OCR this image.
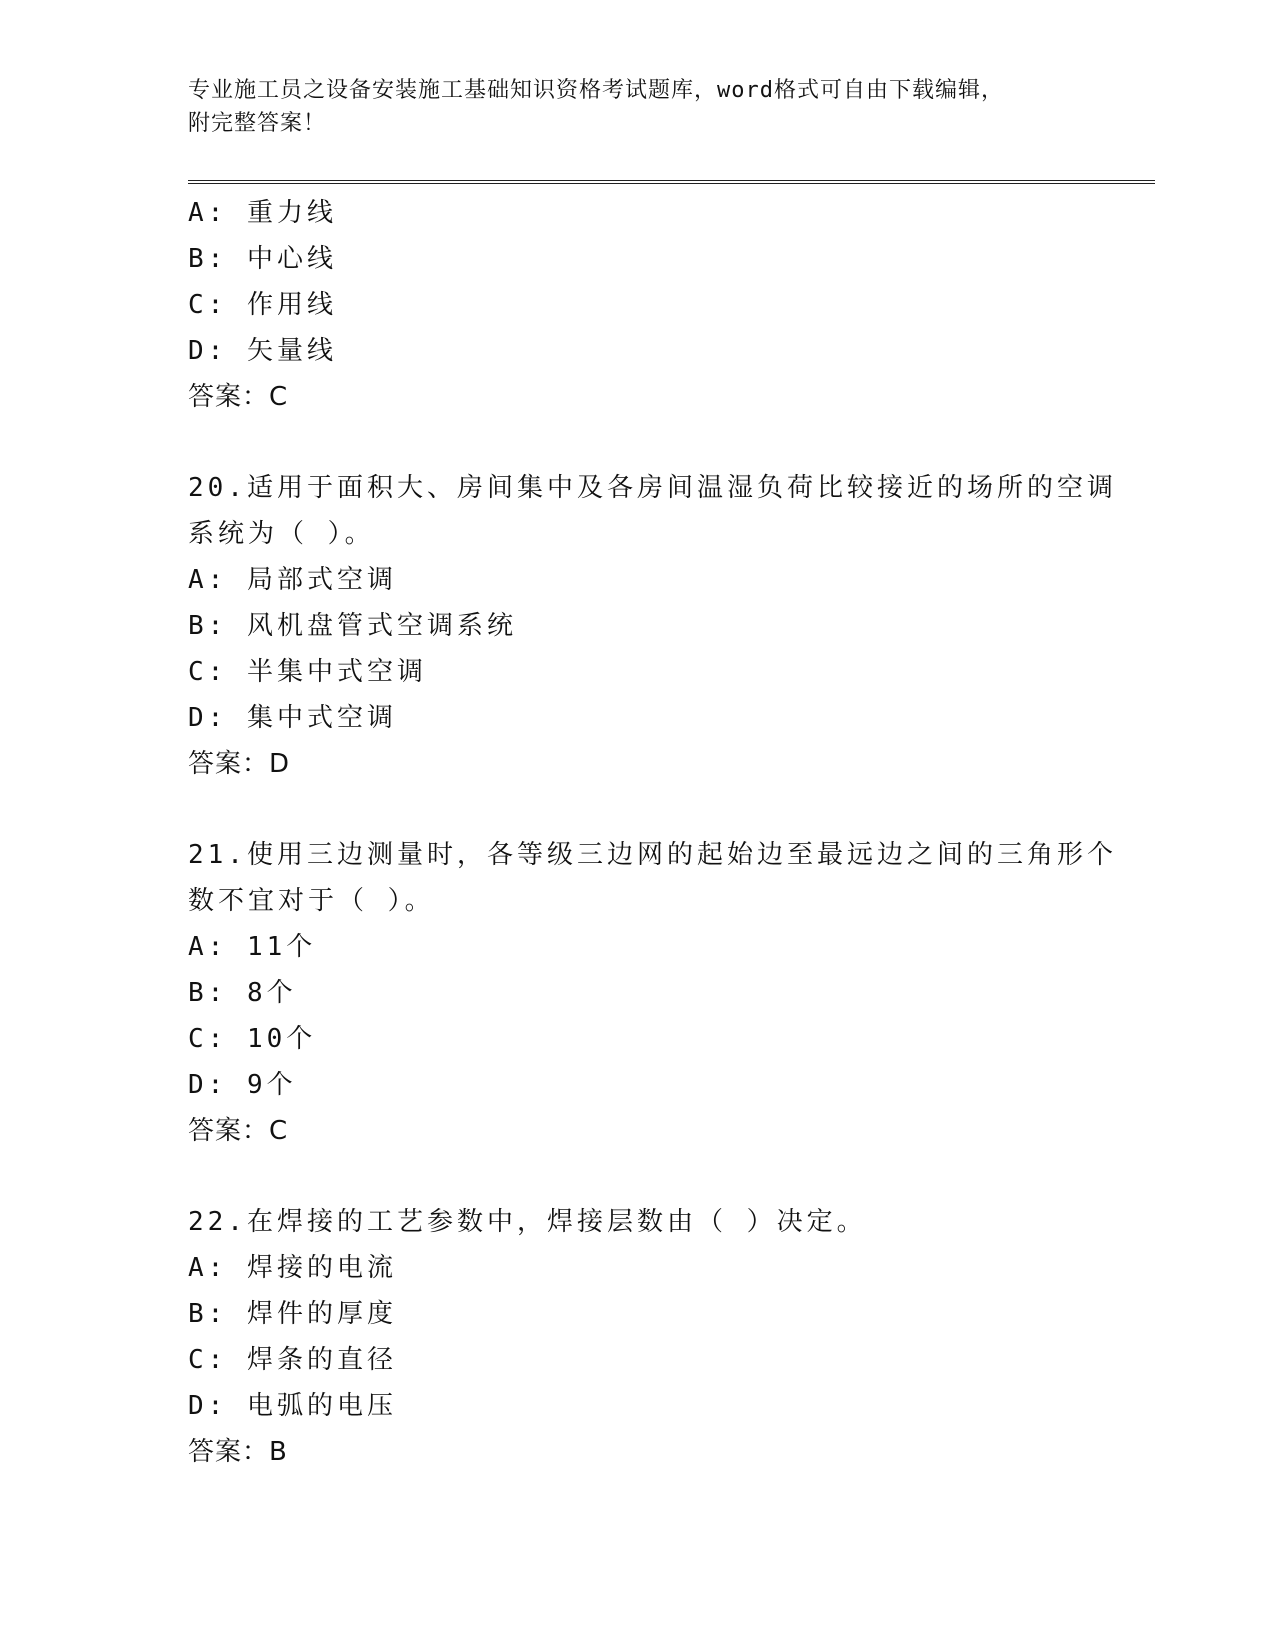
专业施工员之设备安装施工基础知识资格考试题库，word格式可自由下载编辑，
附完整答案！
A: 重力线
B: 中心线
C: 作用线
D: 矢量线
答案：C
20.适用于面积大、房间集中及各房间温湿负荷比较接近的场所的空调
系统为（ ）。
A: 局部式空调
B: 风机盘管式空调系统
C: 半集中式空调
D: 集中式空调
答案：D
21.使用三边测量时，各等级三边网的起始边至最远边之间的三角形个
数不宜对于（ ）。
A: 11个
B: 8个
C: 10个
D: 9个
答案：C
22.在焊接的工艺参数中，焊接层数由（ ）决定。
A: 焊接的电流
B: 焊件的厚度
C: 焊条的直径
D: 电弧的电压
答案：B
